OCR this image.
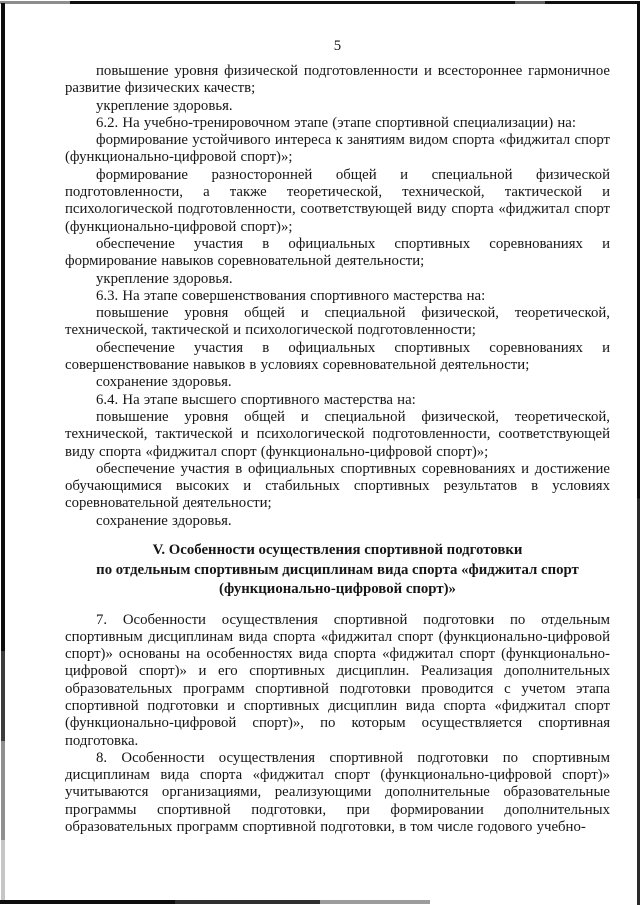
5

повышение уровня физической подготовленности и всестороннее гармоничное развитие физических качеств;

укрепление здоровья.

6.2. На учебно-тренировочном этапе (этапе спортивной специализации) на:

формирование устойчивого интереса к занятиям видом спорта «фиджитал спорт (функционально-цифровой спорт)»;

формирование разносторонней общей и специальной физической подготовленности, а также теоретической, технической, тактической и психологической подготовленности, соответствующей виду спорта «фиджитал спорт (функционально-цифровой спорт)»;

обеспечение участия в официальных спортивных соревнованиях и формирование навыков соревновательной деятельности;

укрепление здоровья.

6.3. На этапе совершенствования спортивного мастерства на:

повышение уровня общей и специальной физической, теоретической, технической, тактической и психологической подготовленности;

обеспечение участия в официальных спортивных соревнованиях и совершенствование навыков в условиях соревновательной деятельности;

сохранение здоровья.

6.4. На этапе высшего спортивного мастерства на:

повышение уровня общей и специальной физической, теоретической, технической, тактической и психологической подготовленности, соответствующей виду спорта «фиджитал спорт (функционально-цифровой спорт)»;

обеспечение участия в официальных спортивных соревнованиях и достижение обучающимися высоких и стабильных спортивных результатов в условиях соревновательной деятельности;

сохранение здоровья.

V. Особенности осуществления спортивной подготовки
по отдельным спортивным дисциплинам вида спорта «фиджитал спорт
(функционально-цифровой спорт)»

7. Особенности осуществления спортивной подготовки по отдельным спортивным дисциплинам вида спорта «фиджитал спорт (функционально-цифровой спорт)» основаны на особенностях вида спорта «фиджитал спорт (функционально-цифровой спорт)» и его спортивных дисциплин. Реализация дополнительных образовательных программ спортивной подготовки проводится с учетом этапа спортивной подготовки и спортивных дисциплин вида спорта «фиджитал спорт (функционально-цифровой спорт)», по которым осуществляется спортивная подготовка.

8. Особенности осуществления спортивной подготовки по спортивным дисциплинам вида спорта «фиджитал спорт (функционально-цифровой спорт)» учитываются организациями, реализующими дополнительные образовательные программы спортивной подготовки, при формировании дополнительных образовательных программ спортивной подготовки, в том числе годового учебно-
